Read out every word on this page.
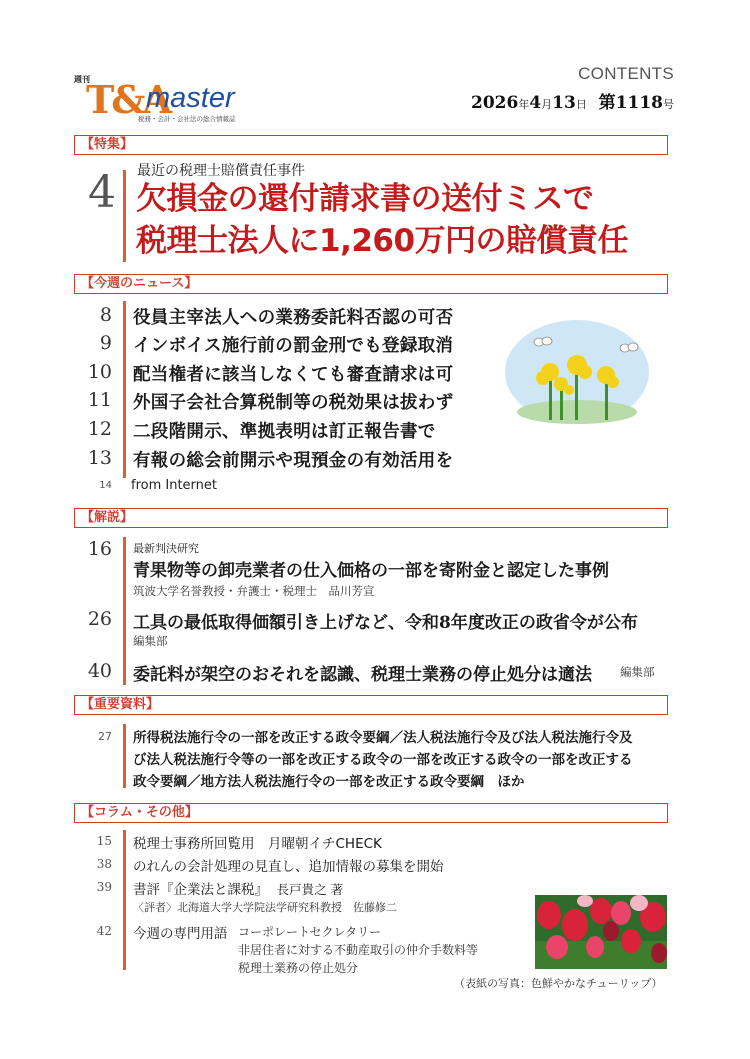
週刊
T&A
master
税務・会計・会社法の総合情報誌
CONTENTS
2026年4月13日 第1118号
【特集】
4 最近の税理士賠償責任事件
欠損金の還付請求書の送付ミスで
税理士法人に1,260万円の賠償責任
【今週のニュース】
8 役員主宰法人への業務委託料否認の可否
9 インボイス施行前の罰金刑でも登録取消
10 配当権者に該当しなくても審査請求は可
11 外国子会社合算税制等の税効果は拔わず
12 二段階開示、準拠表明は訂正報告書で
13 有報の総会前開示や現預金の有効活用を
14 from Internet
【解説】
16 最新判決研究
青果物等の卸売業者の仕入価格の一部を寄附金と認定した事例
筑波大学名誉教授・弁護士・税理士　品川芳宣
26 工具の最低取得価額引き上げなど、令和8年度改正の政省令が公布
編集部
40 委託料が架空のおそれを認識、税理士業務の停止処分は適法 編集部
【重要資料】
27 所得税法施行令の一部を改正する政令要綱／法人税法施行令及び法人税法施行令及
び法人税法施行令等の一部を改正する政令の一部を改正する政令の一部を改正する
政令要綱／地方法人税法施行令の一部を改正する政令要綱　ほか
【コラム・その他】
15 税理士事務所回覧用　月曜朝イチCHECK
38 のれんの会計処理の見直し、追加情報の募集を開始
39 書評『企業法と課税』 長戸貴之 著
〈評者〉北海道大学大学院法学研究科教授　佐藤修二
42 今週の専門用語 コーポレートセクレタリー
非居住者に対する不動産取引の仲介手数料等
税理士業務の停止処分
（表紙の写真：色鮮やかなチューリップ）
